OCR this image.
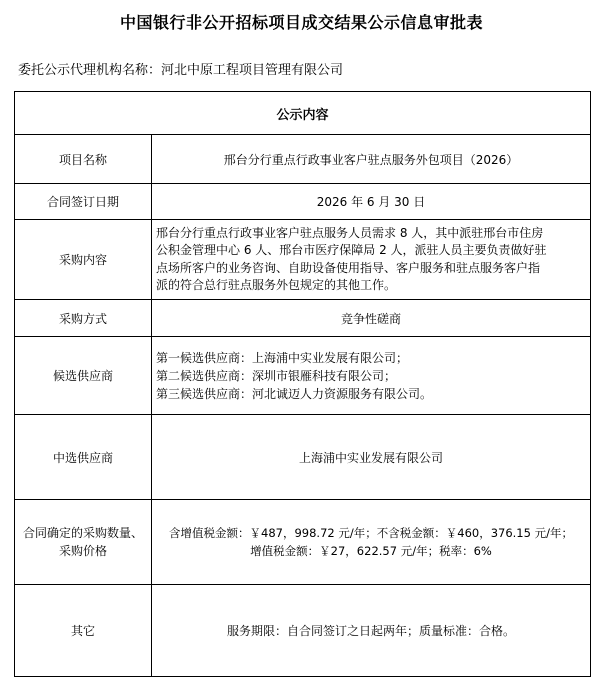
中国银行非公开招标项目成交结果公示信息审批表
委托公示代理机构名称：河北中原工程项目管理有限公司
公示内容	
项目名称	邢台分行重点行政事业客户驻点服务外包项目（2026）
合同签订日期	2026 年 6 月 30 日
采购内容	邢台分行重点行政事业客户驻点服务人员需求 8 人，其中派驻邢台市住房
公积金管理中心 6 人、邢台市医疗保障局 2 人，派驻人员主要负责做好驻
点场所客户的业务咨询、自助设备使用指导、客户服务和驻点服务客户指
派的符合总行驻点服务外包规定的其他工作。

采购方式	竞争性磋商
候选供应商	第一候选供应商：上海浦中实业发展有限公司；
第二候选供应商：深圳市银雁科技有限公司；
第三候选供应商：河北诚迈人力资源服务有限公司。

中选供应商	上海浦中实业发展有限公司

合同确定的采购数量、
采购价格	含增值税金额：￥487，998.72 元/年；不含税金额：￥460，376.15 元/年；
增值税金额：￥27，622.57 元/年；税率：6%

其它	服务期限：自合同签订之日起两年；质量标准：合格。
